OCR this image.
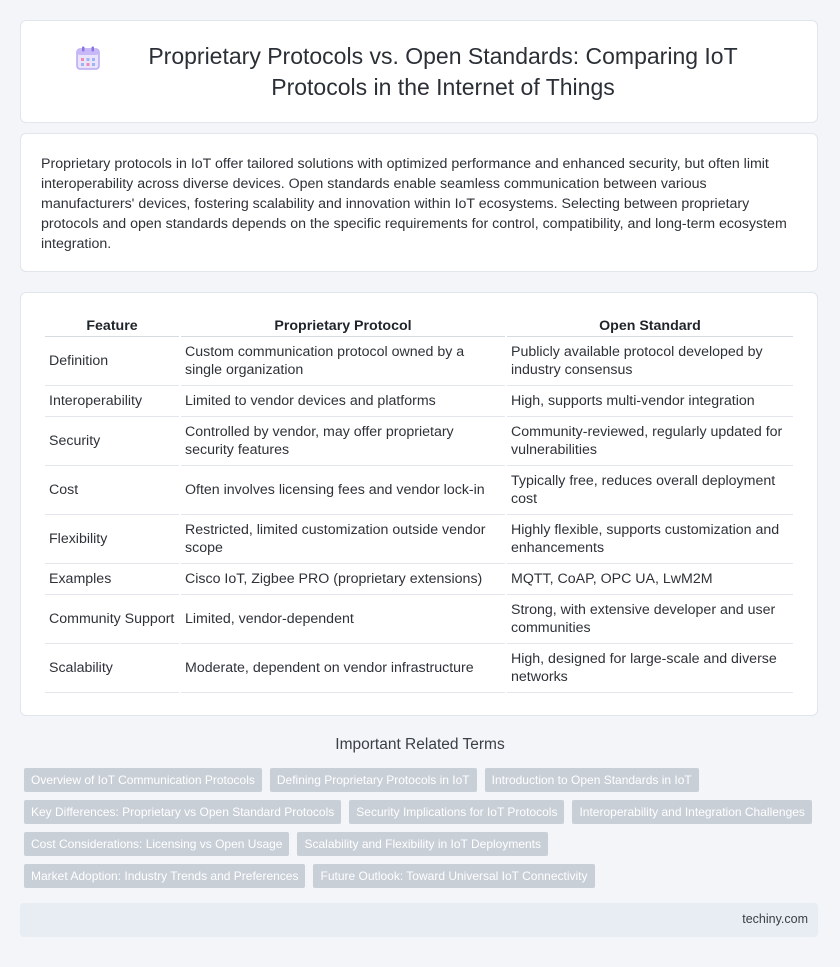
Proprietary Protocols vs. Open Standards: Comparing IoT Protocols in the Internet of Things
Proprietary protocols in IoT offer tailored solutions with optimized performance and enhanced security, but often limit interoperability across diverse devices. Open standards enable seamless communication between various manufacturers' devices, fostering scalability and innovation within IoT ecosystems. Selecting between proprietary protocols and open standards depends on the specific requirements for control, compatibility, and long-term ecosystem integration.
Feature	Proprietary Protocol	Open Standard
Definition	Custom communication protocol owned by a single organization	Publicly available protocol developed by industry consensus
Interoperability	Limited to vendor devices and platforms	High, supports multi-vendor integration
Security	Controlled by vendor, may offer proprietary security features	Community-reviewed, regularly updated for vulnerabilities
Cost	Often involves licensing fees and vendor lock-in	Typically free, reduces overall deployment cost
Flexibility	Restricted, limited customization outside vendor scope	Highly flexible, supports customization and enhancements
Examples	Cisco IoT, Zigbee PRO (proprietary extensions)	MQTT, CoAP, OPC UA, LwM2M
Community Support	Limited, vendor-dependent	Strong, with extensive developer and user communities
Scalability	Moderate, dependent on vendor infrastructure	High, designed for large-scale and diverse networks
Important Related Terms
Overview of IoT Communication Protocols	Defining Proprietary Protocols in IoT	Introduction to Open Standards in IoT
Key Differences: Proprietary vs Open Standard Protocols	Security Implications for IoT Protocols	Interoperability and Integration Challenges
Cost Considerations: Licensing vs Open Usage	Scalability and Flexibility in IoT Deployments
Market Adoption: Industry Trends and Preferences	Future Outlook: Toward Universal IoT Connectivity
techiny.com
